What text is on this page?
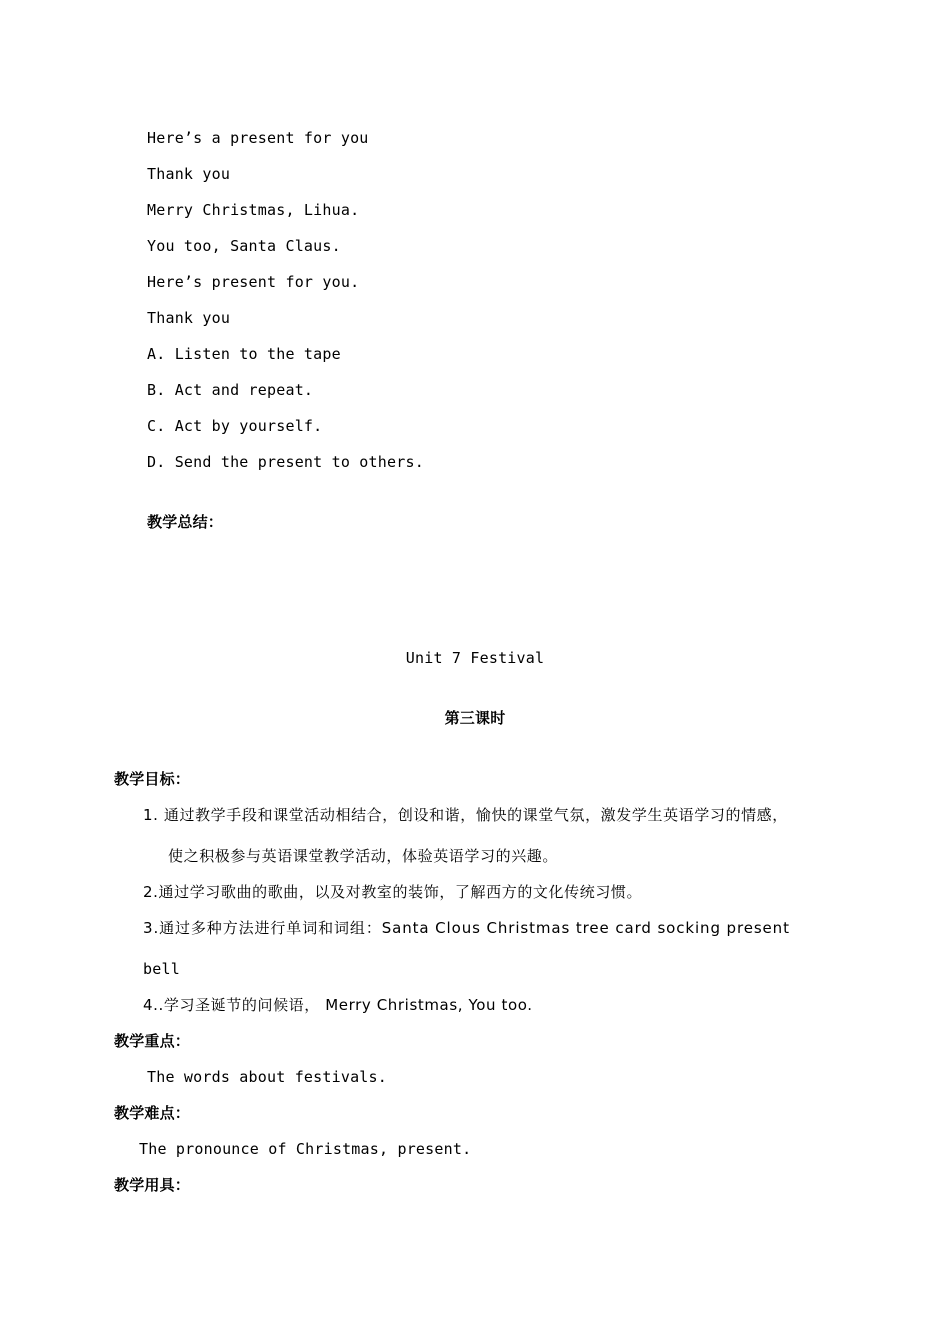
Here’s a present for you
Thank you
Merry Christmas, Lihua.
You too, Santa Claus.
Here’s present for you.
Thank you
A. Listen to the tape
B. Act and repeat.
C. Act by yourself.
D. Send the present to others.
教学总结：
Unit 7 Festival
第三课时
教学目标：
1. 通过教学手段和课堂活动相结合，创设和谐，愉快的课堂气氛，激发学生英语学习的情感，
使之积极参与英语课堂教学活动，体验英语学习的兴趣。
2.通过学习歌曲的歌曲，以及对教室的装饰，了解西方的文化传统习惯。
3.通过多种方法进行单词和词组：Santa Clous Christmas tree card socking present
bell
4..学习圣诞节的问候语， Merry Christmas, You too.
教学重点：
The words about festivals.
教学难点：
The pronounce of Christmas, present.
教学用具：
